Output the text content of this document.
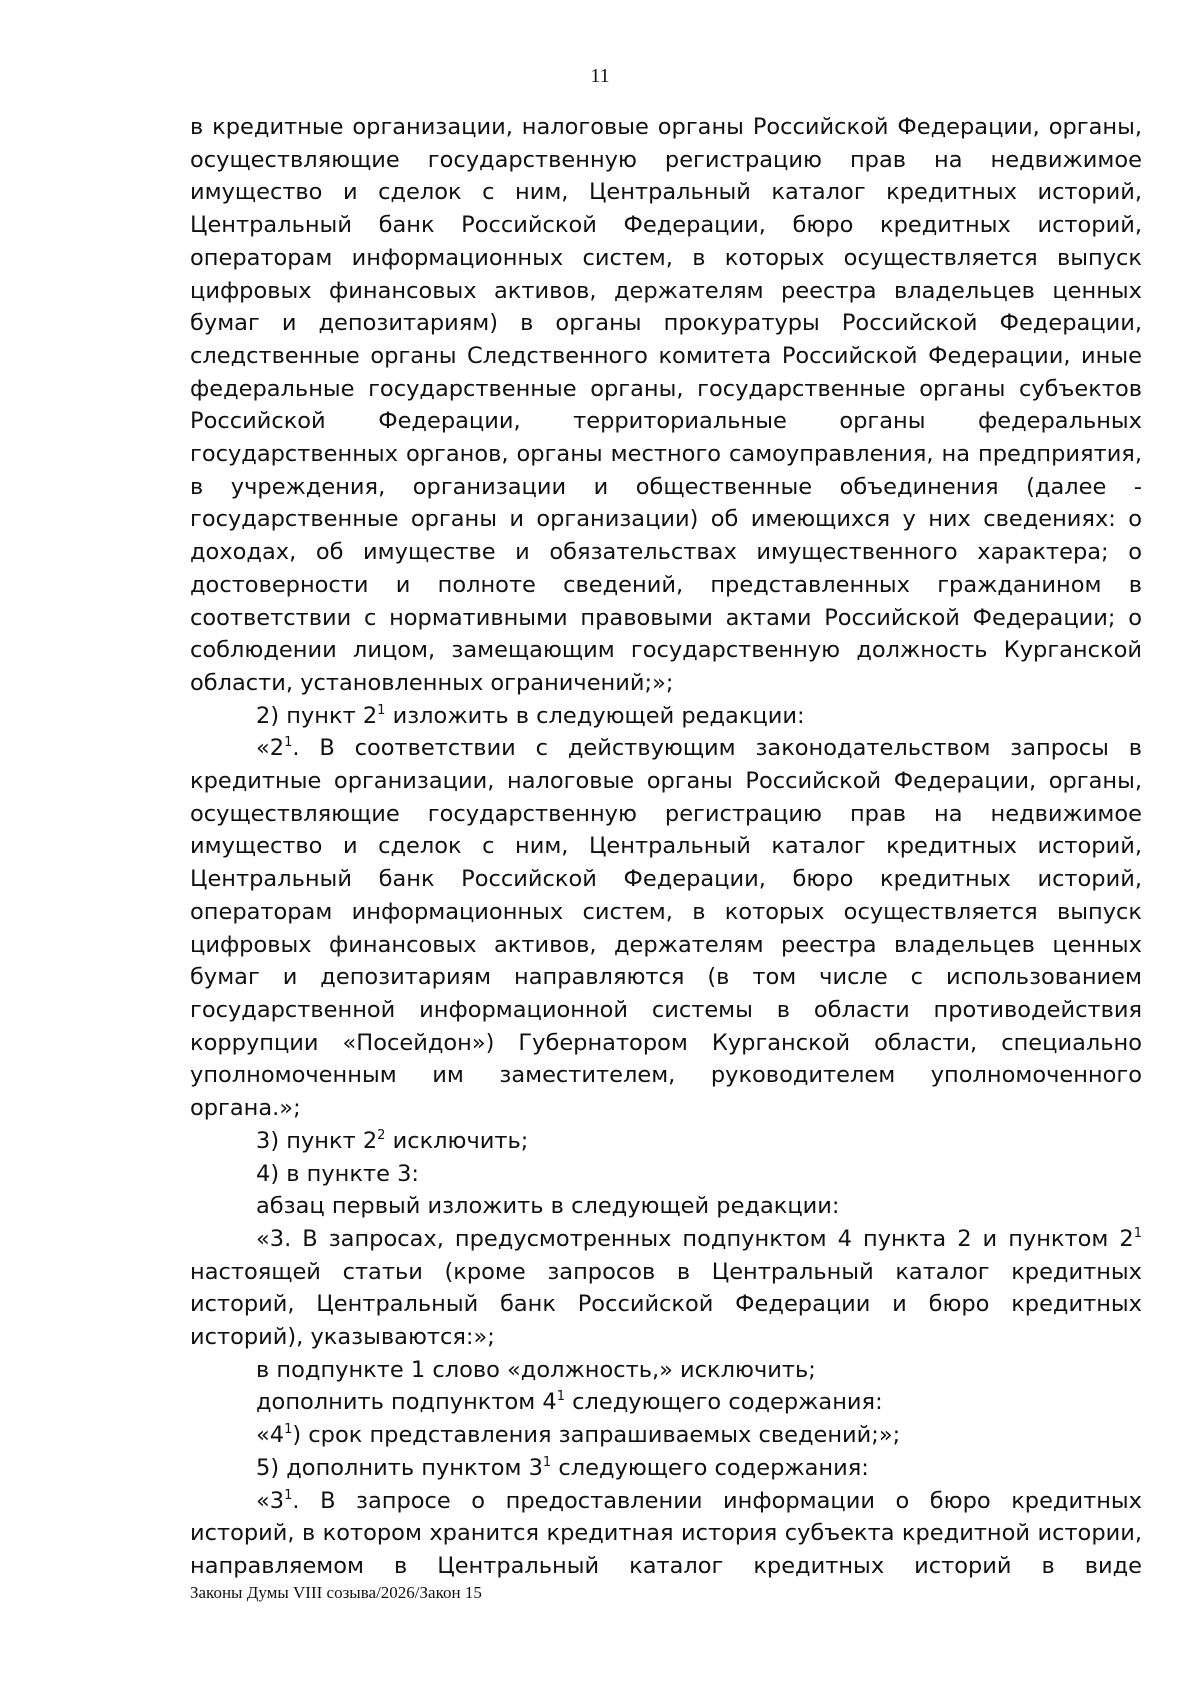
11

в кредитные организации, налоговые органы Российской Федерации, органы, осуществляющие государственную регистрацию прав на недвижимое имущество и сделок с ним, Центральный каталог кредитных историй, Центральный банк Российской Федерации, бюро кредитных историй, операторам информационных систем, в которых осуществляется выпуск цифровых финансовых активов, держателям реестра владельцев ценных бумаг и депозитариям) в органы прокуратуры Российской Федерации, следственные органы Следственного комитета Российской Федерации, иные федеральные государственные органы, государственные органы субъектов Российской Федерации, территориальные органы федеральных государственных органов, органы местного самоуправления, на предприятия, в учреждения, организации и общественные объединения (далее - государственные органы и организации) об имеющихся у них сведениях: о доходах, об имуществе и обязательствах имущественного характера; о достоверности и полноте сведений, представленных гражданином в соответствии с нормативными правовыми актами Российской Федерации; о соблюдении лицом, замещающим государственную должность Курганской области, установленных ограничений;»;

2) пункт $2^1$ изложить в следующей редакции:

«$2^1$. В соответствии с действующим законодательством запросы в кредитные организации, налоговые органы Российской Федерации, органы, осуществляющие государственную регистрацию прав на недвижимое имущество и сделок с ним, Центральный каталог кредитных историй, Центральный банк Российской Федерации, бюро кредитных историй, операторам информационных систем, в которых осуществляется выпуск цифровых финансовых активов, держателям реестра владельцев ценных бумаг и депозитариям направляются (в том числе с использованием государственной информационной системы в области противодействия коррупции «Посейдон») Губернатором Курганской области, специально уполномоченным им заместителем, руководителем уполномоченного органа.»;

3) пункт $2^2$ исключить;

4) в пункте 3:

абзац первый изложить в следующей редакции:

«3. В запросах, предусмотренных подпунктом 4 пункта 2 и пунктом $2^1$ настоящей статьи (кроме запросов в Центральный каталог кредитных историй, Центральный банк Российской Федерации и бюро кредитных историй), указываются:»;

в подпункте 1 слово «должность,» исключить;

дополнить подпунктом $4^1$ следующего содержания:

«$4^1$) срок представления запрашиваемых сведений;»;

5) дополнить пунктом $3^1$ следующего содержания:

«$3^1$. В запросе о предоставлении информации о бюро кредитных историй, в котором хранится кредитная история субъекта кредитной истории, направляемом в Центральный каталог кредитных историй в виде

Законы Думы VIII созыва/2026/Закон 15
